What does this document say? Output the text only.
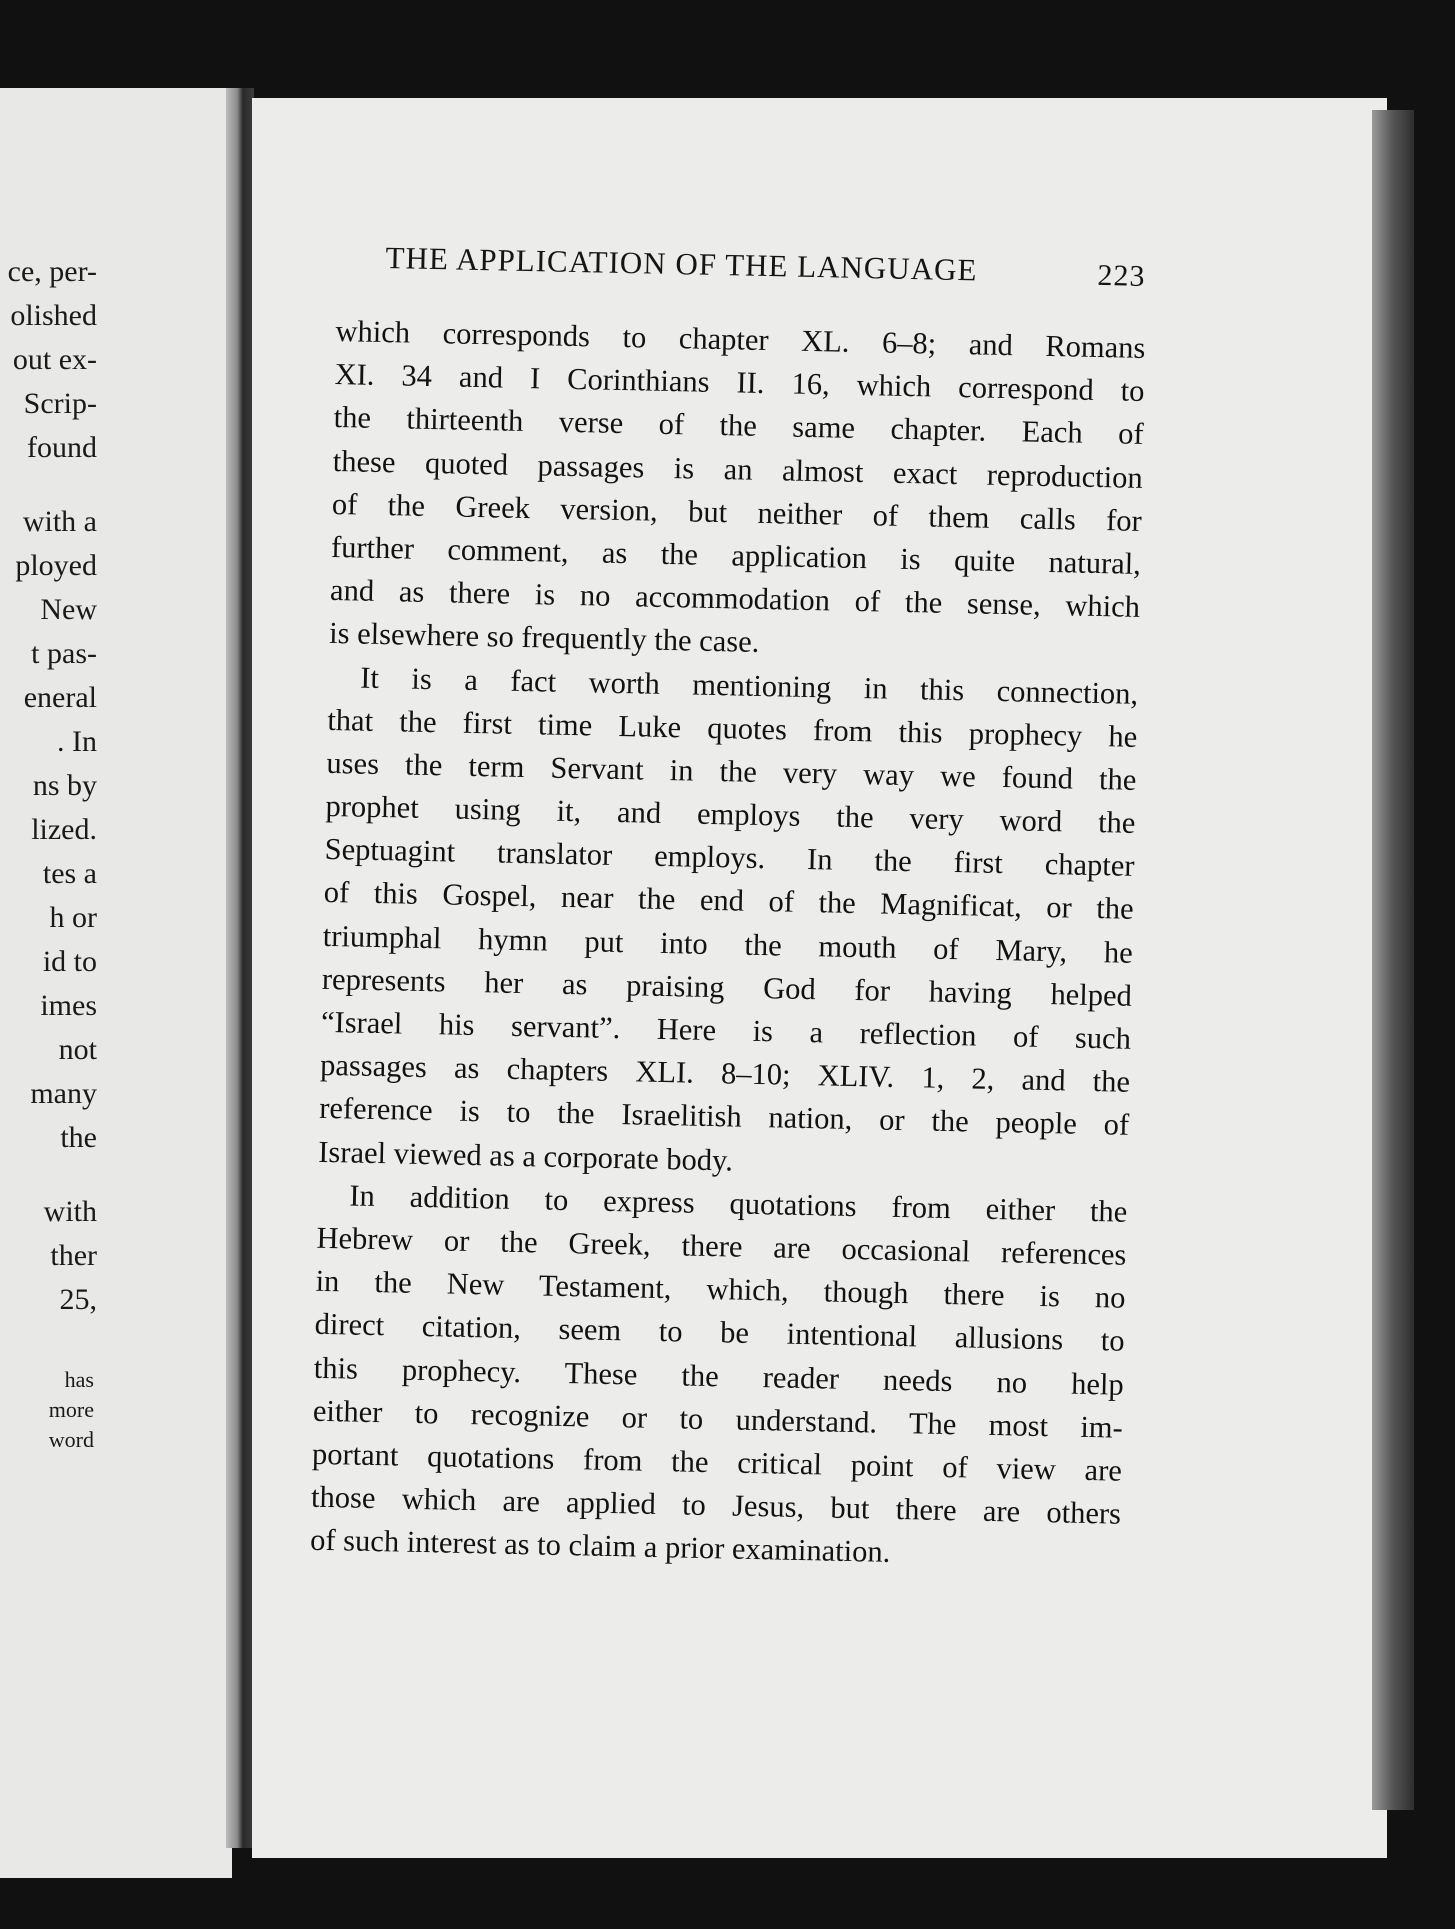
ce, per-
olished
out ex-
Scrip-
found
with a
ployed
New
t pas-
eneral
. In
ns by
lized.
tes a
h or
id to
imes
not
many
the
with
ther
25,
has
more
word
THE APPLICATION OF THE LANGUAGE	223
which corresponds to chapter XL. 6–8; and Romans
XI. 34 and I Corinthians II. 16, which correspond to
the thirteenth verse of the same chapter. Each of
these quoted passages is an almost exact reproduction
of the Greek version, but neither of them calls for
further comment, as the application is quite natural,
and as there is no accommodation of the sense, which
is elsewhere so frequently the case.
It is a fact worth mentioning in this connection,
that the first time Luke quotes from this prophecy he
uses the term Servant in the very way we found the
prophet using it, and employs the very word the
Septuagint translator employs. In the first chapter
of this Gospel, near the end of the Magnificat, or the
triumphal hymn put into the mouth of Mary, he
represents her as praising God for having helped
“Israel his servant”. Here is a reflection of such
passages as chapters XLI. 8–10; XLIV. 1, 2, and the
reference is to the Israelitish nation, or the people of
Israel viewed as a corporate body.
In addition to express quotations from either the
Hebrew or the Greek, there are occasional references
in the New Testament, which, though there is no
direct citation, seem to be intentional allusions to
this prophecy. These the reader needs no help
either to recognize or to understand. The most im-
portant quotations from the critical point of view are
those which are applied to Jesus, but there are others
of such interest as to claim a prior examination.
